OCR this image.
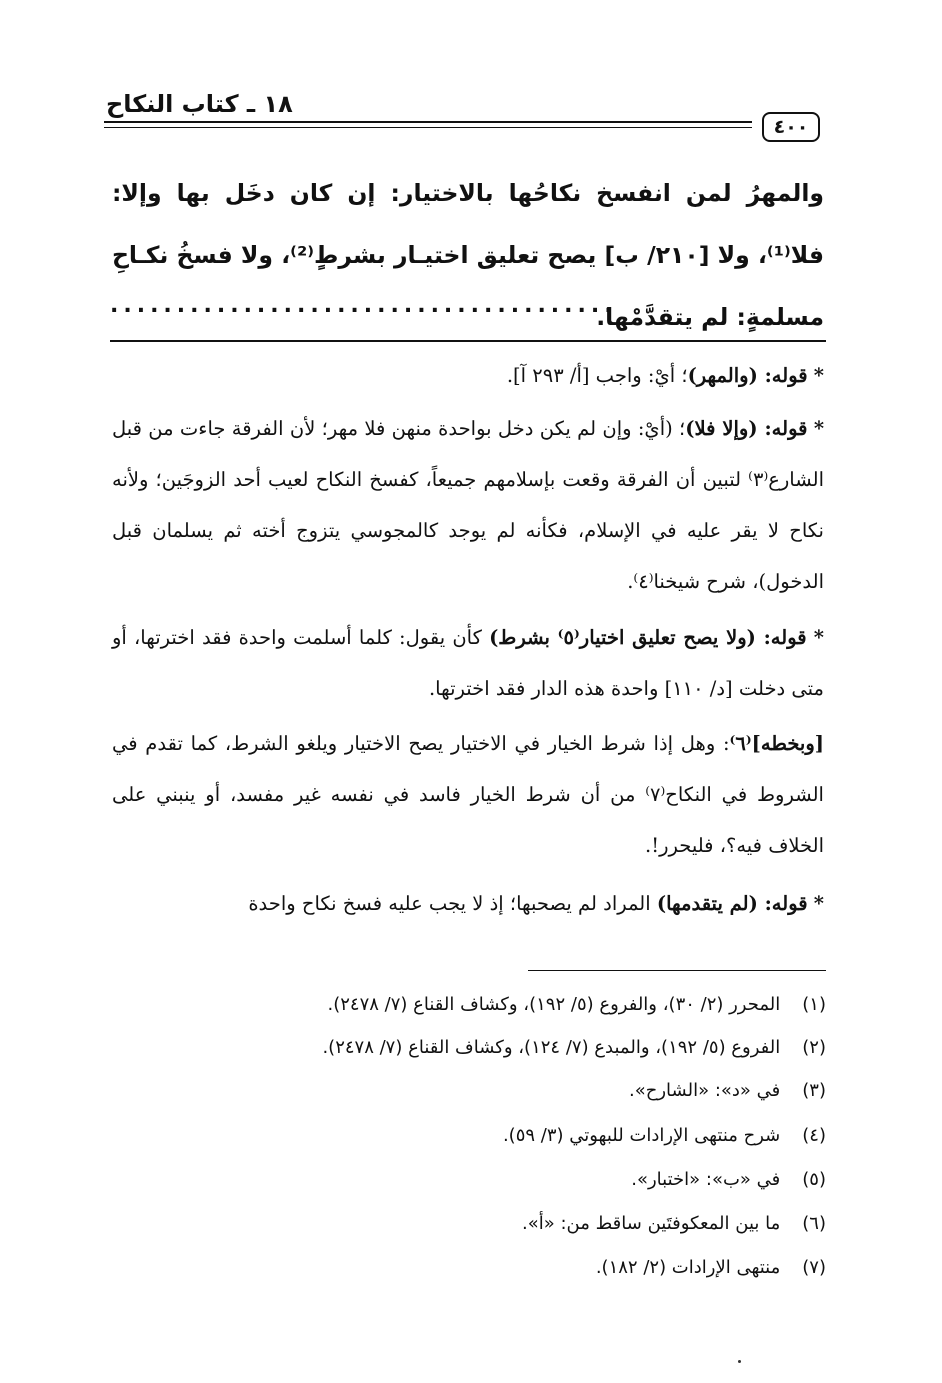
١٨ ـ كتاب النكاح
٤٠٠
والمهرُ لمن انفسخ نكاحُها بالاختيار: إن كان دخَل بها وإلا: فلا⁽¹⁾، ولا [٢١٠/ ب] يصح تعليق اختيـار بشرطٍ⁽²⁾، ولا فسخُ نكـاحِ مسلمةٍ: لم يتقدَّمْها.
......................................
* قوله: (والمهر)؛ أيْ: واجب [أ/ ٢٩٣ آ].
* قوله: (وإلا فلا)؛ (أيْ: وإن لم يكن دخل بواحدة منهن فلا مهر؛ لأن الفرقة جاءت من قبل الشارع⁽٣⁾ لتبين أن الفرقة وقعت بإسلامهم جميعاً، كفسخ النكاح لعيب أحد الزوجَين؛ ولأنه نكاح لا يقر عليه في الإسلام، فكأنه لم يوجد كالمجوسي يتزوج أخته ثم يسلمان قبل الدخول)، شرح شيخنا⁽٤⁾.
* قوله: (ولا يصح تعليق اختيار⁽٥⁾ بشرط) كأن يقول: كلما أسلمت واحدة فقد اخترتها، أو متى دخلت [د/ ١١٠] واحدة هذه الدار فقد اخترتها.
[وبخطه]⁽٦⁾: وهل إذا شرط الخيار في الاختيار يصح الاختيار ويلغو الشرط، كما تقدم في الشروط في النكاح⁽٧⁾ من أن شرط الخيار فاسد في نفسه غير مفسد، أو ينبني على الخلاف فيه؟، فليحرر!.
* قوله: (لم يتقدمها) المراد لم يصحبها؛ إذ لا يجب عليه فسخ نكاح واحدة
(١) المحرر (٢/ ٣٠)، والفروع (٥/ ١٩٢)، وكشاف القناع (٧/ ٢٤٧٨).
(٢) الفروع (٥/ ١٩٢)، والمبدع (٧/ ١٢٤)، وكشاف القناع (٧/ ٢٤٧٨).
(٣) في «د»: «الشارح».
(٤) شرح منتهى الإرادات للبهوتي (٣/ ٥٩).
(٥) في «ب»: «اختبار».
(٦) ما بين المعكوفتَين ساقط من: «أ».
(٧) منتهى الإرادات (٢/ ١٨٢).
